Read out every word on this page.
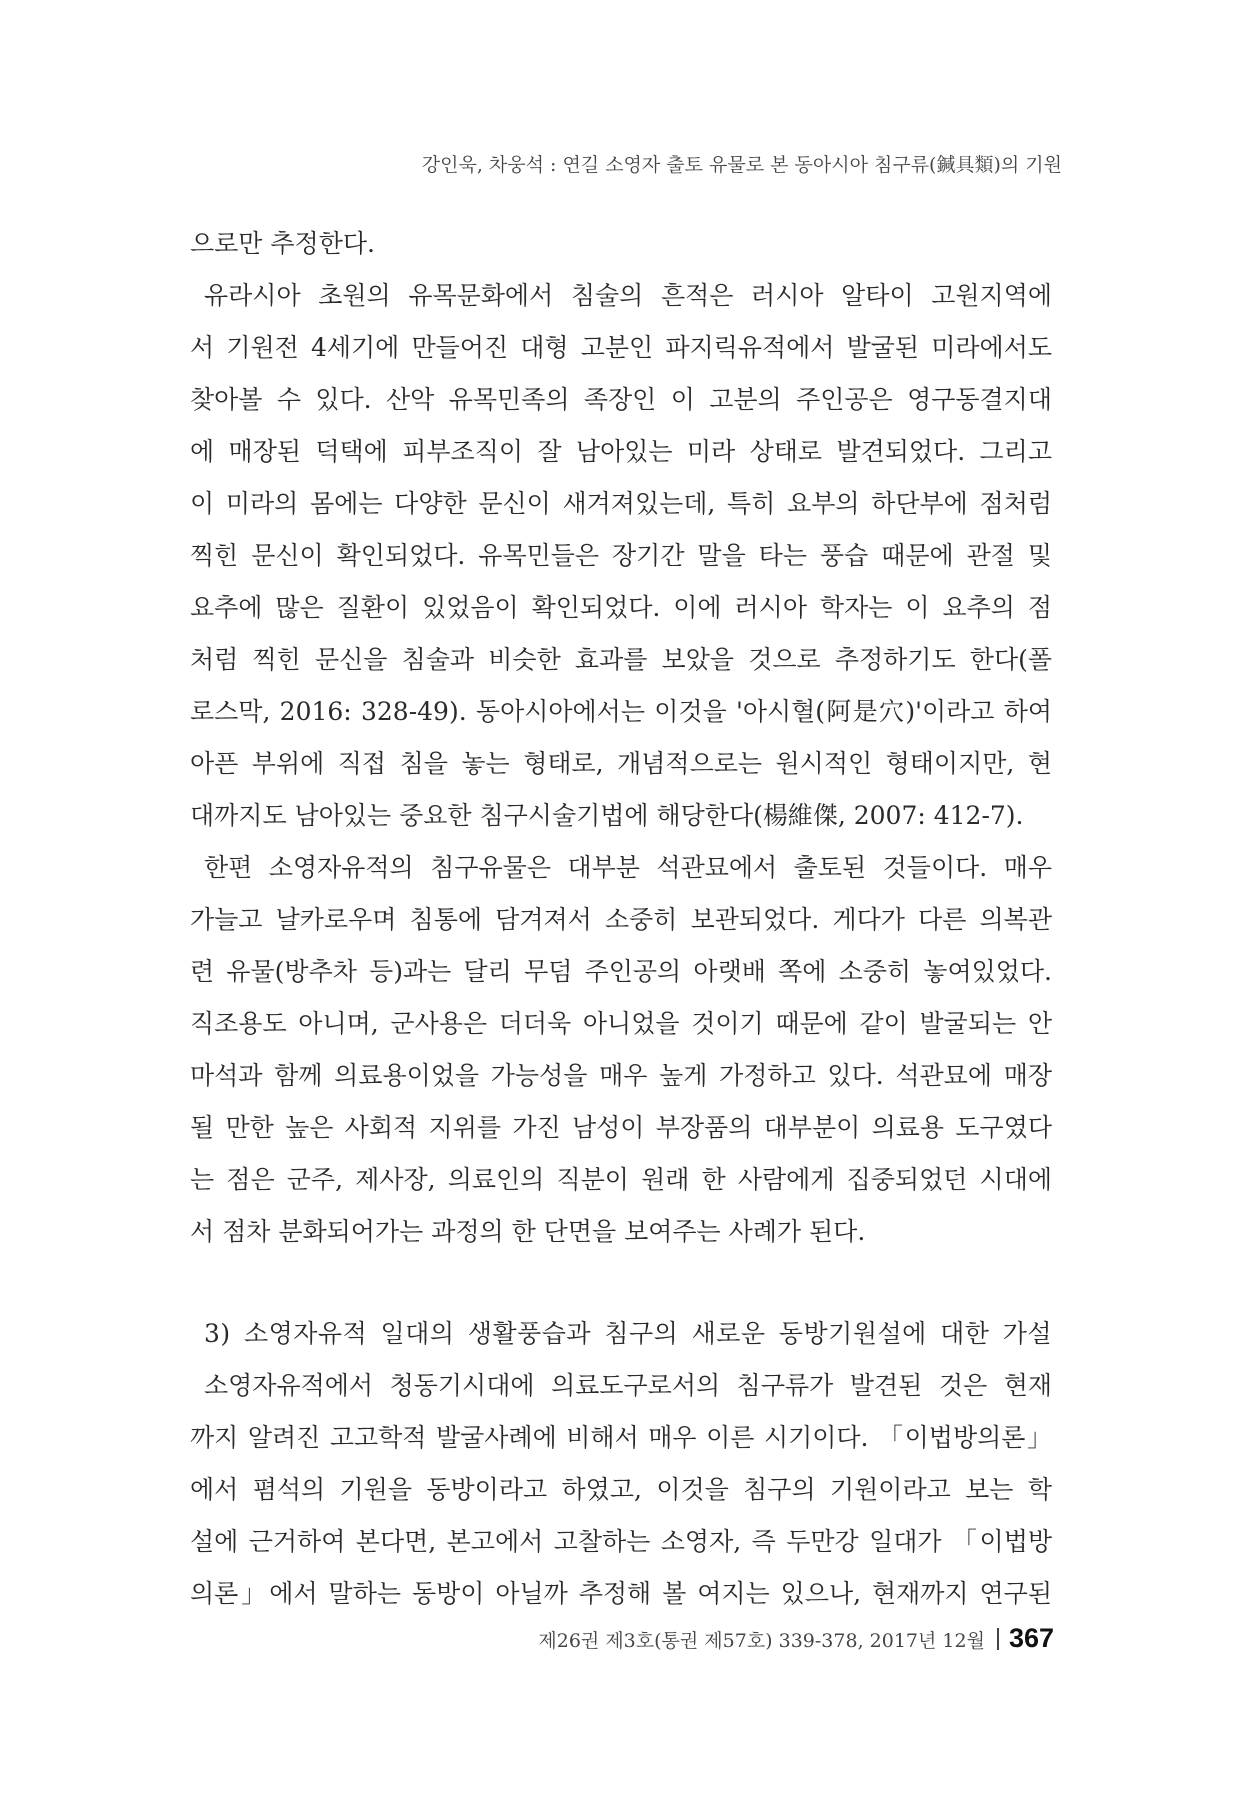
강인욱, 차웅석 : 연길 소영자 출토 유물로 본 동아시아 침구류(鍼具類)의 기원
으로만 추정한다.
유라시아 초원의 유목문화에서 침술의 흔적은 러시아 알타이 고원지역에
서 기원전 4세기에 만들어진 대형 고분인 파지릭유적에서 발굴된 미라에서도
찾아볼 수 있다. 산악 유목민족의 족장인 이 고분의 주인공은 영구동결지대
에 매장된 덕택에 피부조직이 잘 남아있는 미라 상태로 발견되었다. 그리고
이 미라의 몸에는 다양한 문신이 새겨져있는데, 특히 요부의 하단부에 점처럼
찍힌 문신이 확인되었다. 유목민들은 장기간 말을 타는 풍습 때문에 관절 및
요추에 많은 질환이 있었음이 확인되었다. 이에 러시아 학자는 이 요추의 점
처럼 찍힌 문신을 침술과 비슷한 효과를 보았을 것으로 추정하기도 한다(폴
로스막, 2016: 328-49). 동아시아에서는 이것을 '아시혈(阿是穴)'이라고 하여
아픈 부위에 직접 침을 놓는 형태로, 개념적으로는 원시적인 형태이지만, 현
대까지도 남아있는 중요한 침구시술기법에 해당한다(楊維傑, 2007: 412-7).
한편 소영자유적의 침구유물은 대부분 석관묘에서 출토된 것들이다. 매우
가늘고 날카로우며 침통에 담겨져서 소중히 보관되었다. 게다가 다른 의복관
련 유물(방추차 등)과는 달리 무덤 주인공의 아랫배 쪽에 소중히 놓여있었다.
직조용도 아니며, 군사용은 더더욱 아니었을 것이기 때문에 같이 발굴되는 안
마석과 함께 의료용이었을 가능성을 매우 높게 가정하고 있다. 석관묘에 매장
될 만한 높은 사회적 지위를 가진 남성이 부장품의 대부분이 의료용 도구였다
는 점은 군주, 제사장, 의료인의 직분이 원래 한 사람에게 집중되었던 시대에
서 점차 분화되어가는 과정의 한 단면을 보여주는 사례가 된다.
3) 소영자유적 일대의 생활풍습과 침구의 새로운 동방기원설에 대한 가설
소영자유적에서 청동기시대에 의료도구로서의 침구류가 발견된 것은 현재
까지 알려진 고고학적 발굴사례에 비해서 매우 이른 시기이다. 「이법방의론」
에서 폄석의 기원을 동방이라고 하였고, 이것을 침구의 기원이라고 보는 학
설에 근거하여 본다면, 본고에서 고찰하는 소영자, 즉 두만강 일대가 「이법방
의론」에서 말하는 동방이 아닐까 추정해 볼 여지는 있으나, 현재까지 연구된
제26권 제3호(통권 제57호) 339-378, 2017년 12월 367
